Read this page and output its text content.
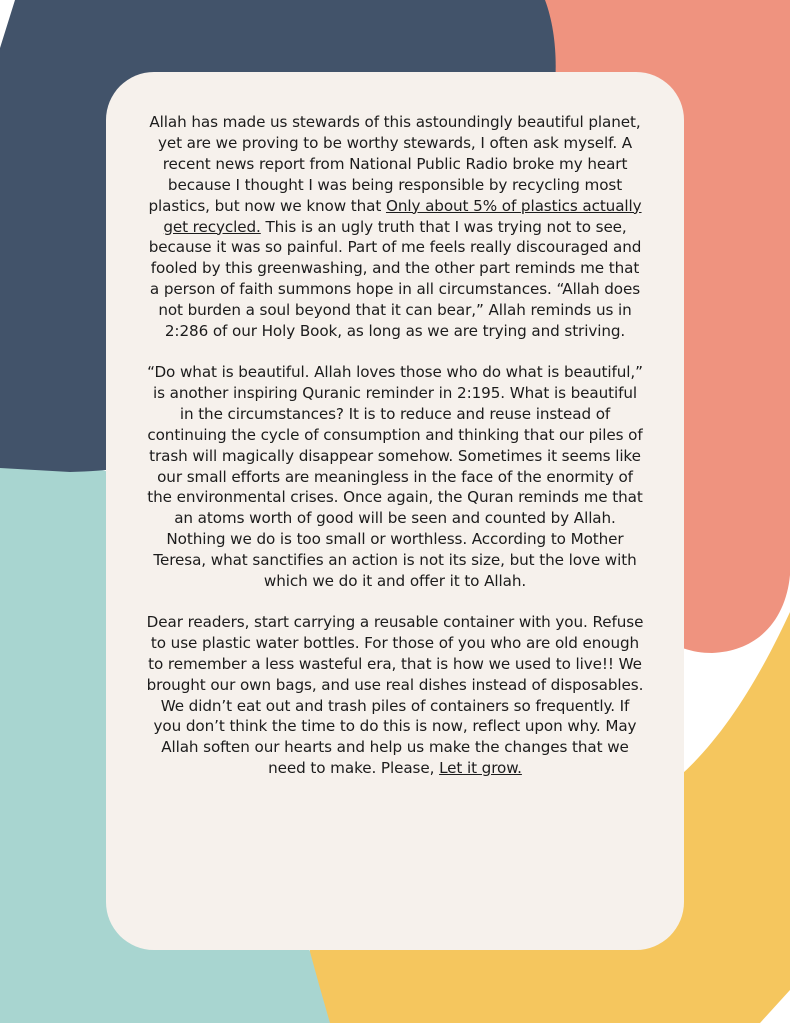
Allah has made us stewards of this astoundingly beautiful planet, yet are we proving to be worthy stewards, I often ask myself. A recent news report from National Public Radio broke my heart because I thought I was being responsible by recycling most plastics, but now we know that Only about 5% of plastics actually get recycled. This is an ugly truth that I was trying not to see, because it was so painful. Part of me feels really discouraged and fooled by this greenwashing, and the other part reminds me that a person of faith summons hope in all circumstances. “Allah does not burden a soul beyond that it can bear,” Allah reminds us in 2:286 of our Holy Book, as long as we are trying and striving.

“Do what is beautiful. Allah loves those who do what is beautiful,” is another inspiring Quranic reminder in 2:195. What is beautiful in the circumstances? It is to reduce and reuse instead of continuing the cycle of consumption and thinking that our piles of trash will magically disappear somehow. Sometimes it seems like our small efforts are meaningless in the face of the enormity of the environmental crises. Once again, the Quran reminds me that an atoms worth of good will be seen and counted by Allah. Nothing we do is too small or worthless. According to Mother Teresa, what sanctifies an action is not its size, but the love with which we do it and offer it to Allah.

Dear readers, start carrying a reusable container with you. Refuse to use plastic water bottles. For those of you who are old enough to remember a less wasteful era, that is how we used to live!! We brought our own bags, and use real dishes instead of disposables. We didn’t eat out and trash piles of containers so frequently. If you don’t think the time to do this is now, reflect upon why. May Allah soften our hearts and help us make the changes that we need to make. Please, Let it grow.
